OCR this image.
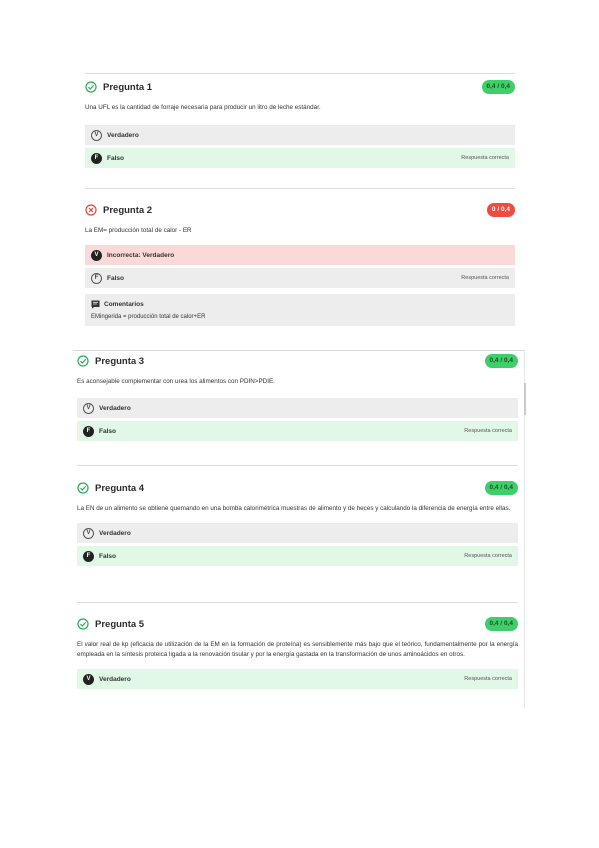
Pregunta 1	0,4 / 0,4
Una UFL es la cantidad de forraje necesaria para producir un litro de leche estándar.
V	Verdadero
F	Falso	Respuesta correcta
Pregunta 2	0 / 0,4
La EM= producción total de calor - ER
V	Incorrecta: Verdadero
F	Falso	Respuesta correcta
Comentarios
EMingerida = producción total de calor+ER
Pregunta 3	0,4 / 0,4
Es aconsejable complementar con urea los alimentos con PDIN>PDIE.
V	Verdadero
F	Falso	Respuesta correcta
Pregunta 4	0,4 / 0,4
La EN de un alimento se obtiene quemando en una bomba calorimétrica muestras de alimento y de heces y calculando la diferencia de energía entre ellas.
V	Verdadero
F	Falso	Respuesta correcta
Pregunta 5	0,4 / 0,4
El valor real de kp (eficacia de utilización de la EM en la formación de proteína) es sensiblemente más bajo que el teórico, fundamentalmente por la energía empleada en la síntesis proteica ligada a la renovación tisular y por la energía gastada en la transformación de unos aminoácidos en otros.
V	Verdadero	Respuesta correcta
